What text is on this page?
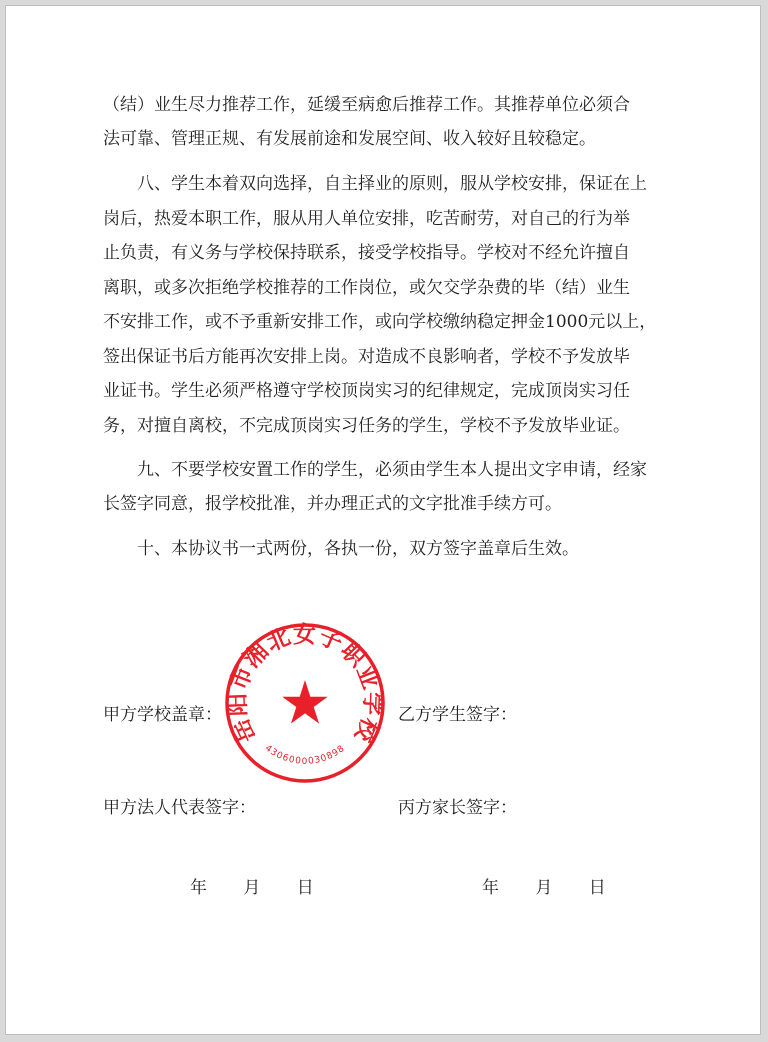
（结）业生尽力推荐工作，延缓至病愈后推荐工作。其推荐单位必须合
法可靠、管理正规、有发展前途和发展空间、收入较好且较稳定。
八、学生本着双向选择，自主择业的原则，服从学校安排，保证在上
岗后，热爱本职工作，服从用人单位安排，吃苦耐劳，对自己的行为举
止负责，有义务与学校保持联系，接受学校指导。学校对不经允许擅自
离职，或多次拒绝学校推荐的工作岗位，或欠交学杂费的毕（结）业生
不安排工作，或不予重新安排工作，或向学校缴纳稳定押金1000元以上，
签出保证书后方能再次安排上岗。对造成不良影响者，学校不予发放毕
业证书。学生必须严格遵守学校顶岗实习的纪律规定，完成顶岗实习任
务，对擅自离校，不完成顶岗实习任务的学生，学校不予发放毕业证。
九、不要学校安置工作的学生，必须由学生本人提出文字申请，经家
长签字同意，报学校批准，并办理正式的文字批准手续方可。
十、本协议书一式两份，各执一份，双方签字盖章后生效。
岳阳市湘北女子职业学校
4306000030898
甲方学校盖章：	乙方学生签字：
甲方法人代表签字：	丙方家长签字：
年　 月　 日	年　 月　 日
